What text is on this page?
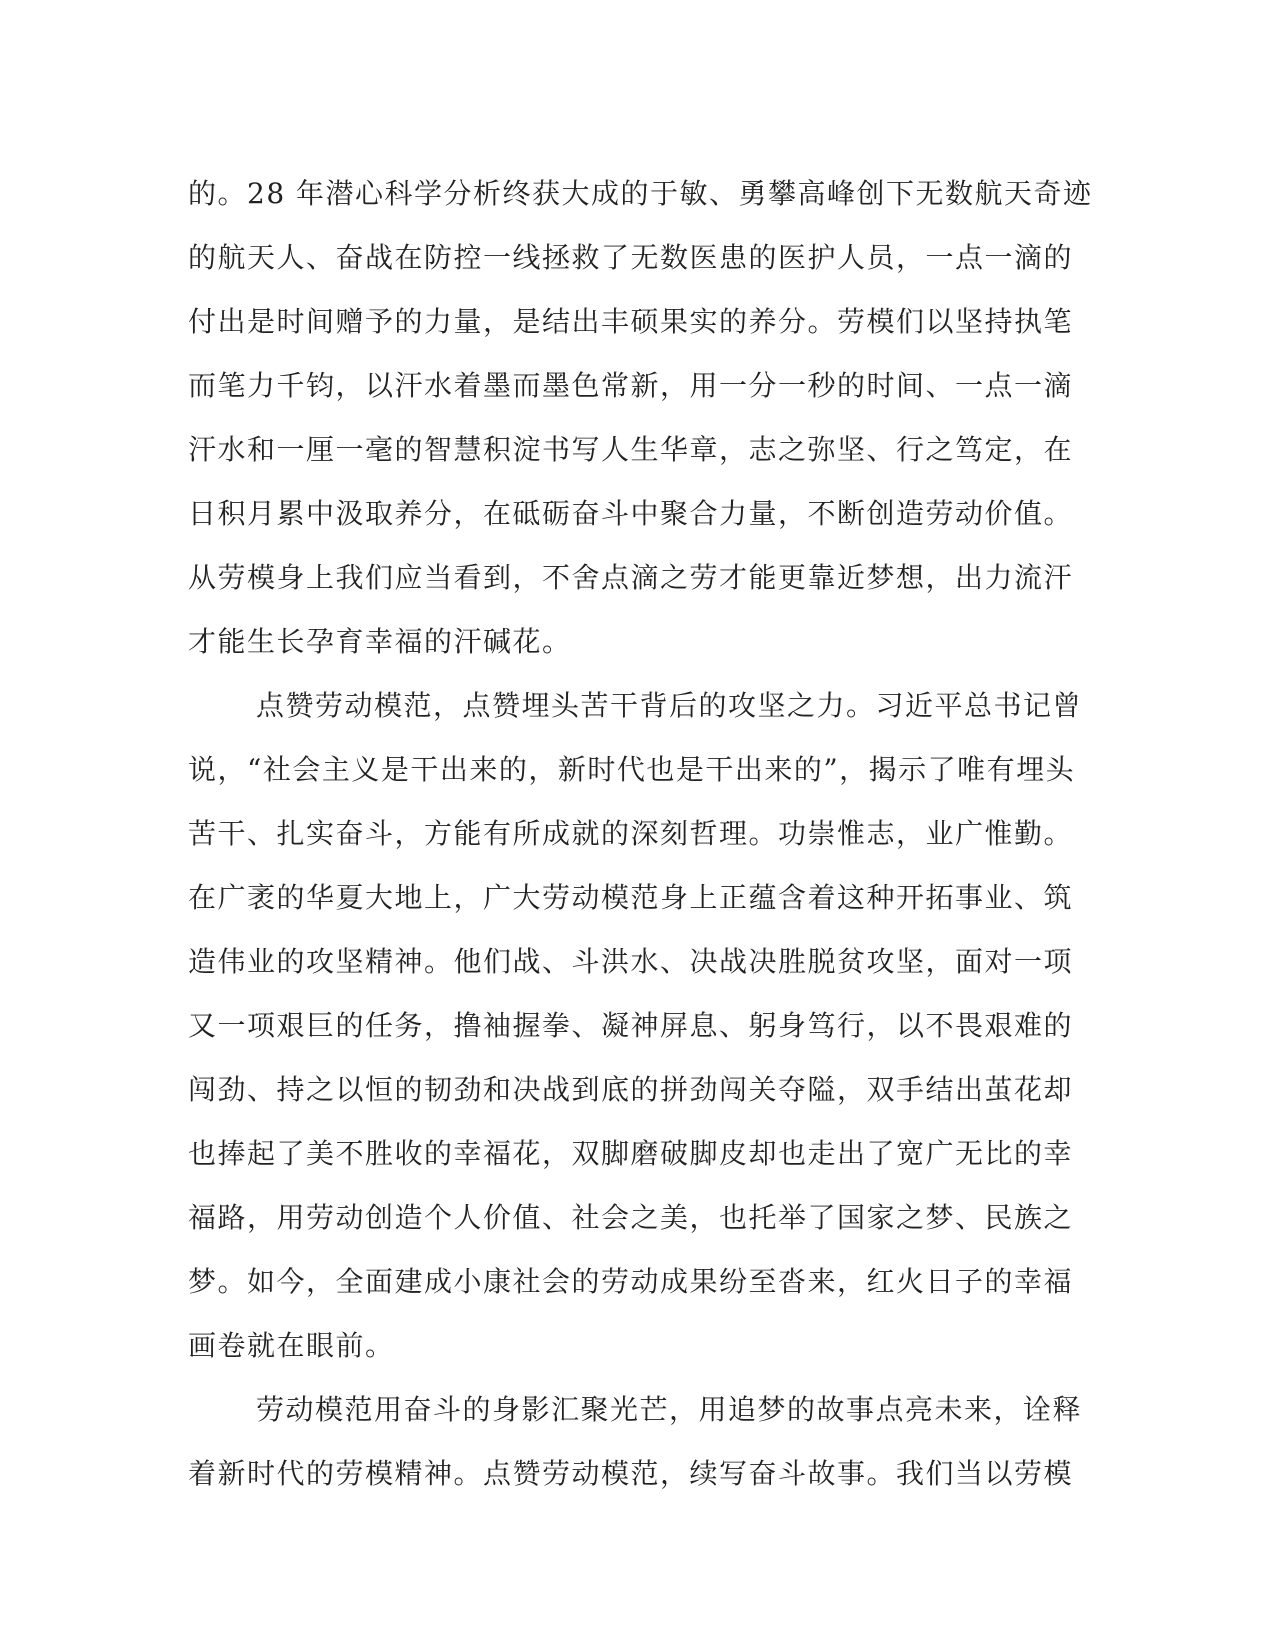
的。28 年潜心科学分析终获大成的于敏、勇攀高峰创下无数航天奇迹
的航天人、奋战在防控一线拯救了无数医患的医护人员，一点一滴的
付出是时间赠予的力量，是结出丰硕果实的养分。劳模们以坚持执笔
而笔力千钧，以汗水着墨而墨色常新，用一分一秒的时间、一点一滴
汗水和一厘一毫的智慧积淀书写人生华章，志之弥坚、行之笃定，在
日积月累中汲取养分，在砥砺奋斗中聚合力量，不断创造劳动价值。
从劳模身上我们应当看到，不舍点滴之劳才能更靠近梦想，出力流汗
才能生长孕育幸福的汗碱花。
点赞劳动模范，点赞埋头苦干背后的攻坚之力。习近平总书记曾
说，“社会主义是干出来的，新时代也是干出来的”，揭示了唯有埋头
苦干、扎实奋斗，方能有所成就的深刻哲理。功崇惟志，业广惟勤。
在广袤的华夏大地上，广大劳动模范身上正蕴含着这种开拓事业、筑
造伟业的攻坚精神。他们战、斗洪水、决战决胜脱贫攻坚，面对一项
又一项艰巨的任务，撸袖握拳、凝神屏息、躬身笃行，以不畏艰难的
闯劲、持之以恒的韧劲和决战到底的拼劲闯关夺隘，双手结出茧花却
也捧起了美不胜收的幸福花，双脚磨破脚皮却也走出了宽广无比的幸
福路，用劳动创造个人价值、社会之美，也托举了国家之梦、民族之
梦。如今，全面建成小康社会的劳动成果纷至沓来，红火日子的幸福
画卷就在眼前。
劳动模范用奋斗的身影汇聚光芒，用追梦的故事点亮未来，诠释
着新时代的劳模精神。点赞劳动模范，续写奋斗故事。我们当以劳模
